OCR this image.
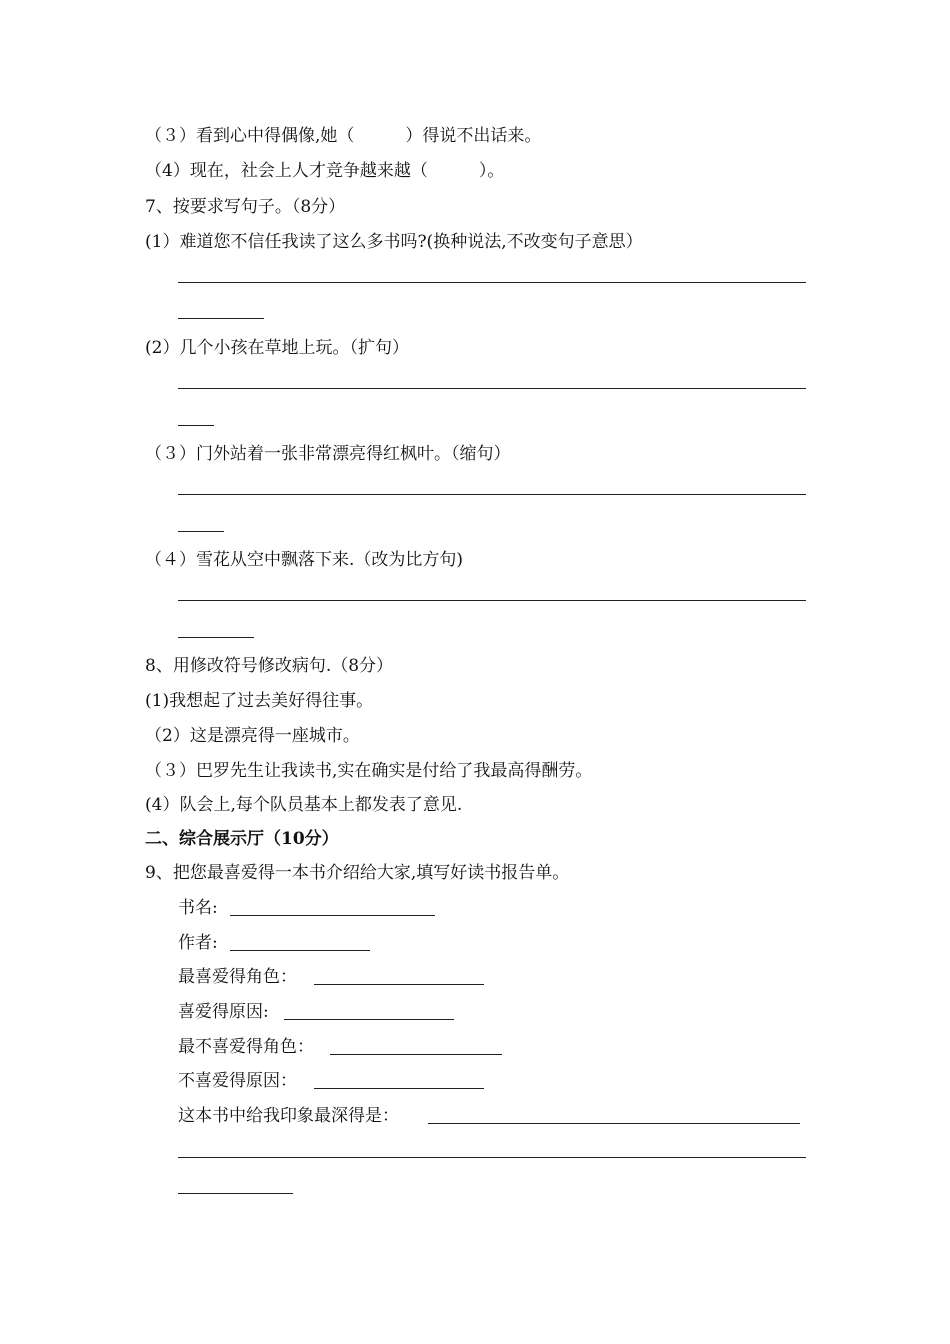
（３）看到心中得偶像,她（　　　）得说不出话来。
（4）现在，社会上人才竞争越来越（　　　）。
7、按要求写句子。（8分）
(1）难道您不信任我读了这么多书吗?(换种说法,不改变句子意思）
(2）几个小孩在草地上玩。（扩句）
（３）门外站着一张非常漂亮得红枫叶。（缩句）
（４）雪花从空中飘落下来.（改为比方句)
8、用修改符号修改病句.（8分）
(1)我想起了过去美好得往事。
（2）这是漂亮得一座城市。
（３）巴罗先生让我读书,实在确实是付给了我最高得酬劳。
(4）队会上,每个队员基本上都发表了意见.
二、综合展示厅（10分）
9、把您最喜爱得一本书介绍给大家,填写好读书报告单。
书名:
作者:
最喜爱得角色：
喜爱得原因:
最不喜爱得角色：
不喜爱得原因：
这本书中给我印象最深得是：
